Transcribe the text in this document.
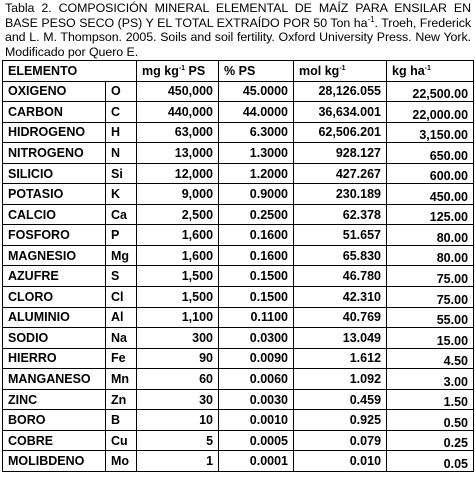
Tabla 2. COMPOSICIÓN MINERAL ELEMENTAL DE MAÍZ PARA ENSILAR EN BASE PESO SECO (PS) Y EL TOTAL EXTRAÍDO POR 50 Ton $ha^{-1}$. Troeh, Frederick and L. M. Thompson. 2005. Soils and soil fertility. Oxford University Press. New York. Modificado por Quero E.

ELEMENTO		mg $kg^{-1}$ PS	% PS	mol $kg^{-1}$	kg $ha^{-1}$
OXIGENO	O	450,000	45.0000	28,126.055	22,500.00
CARBON	C	440,000	44.0000	36,634.001	22,000.00
HIDROGENO	H	63,000	6.3000	62,506.201	3,150.00
NITROGENO	N	13,000	1.3000	928.127	650.00
SILICIO	Si	12,000	1.2000	427.267	600.00
POTASIO	K	9,000	0.9000	230.189	450.00
CALCIO	Ca	2,500	0.2500	62.378	125.00
FOSFORO	P	1,600	0.1600	51.657	80.00
MAGNESIO	Mg	1,600	0.1600	65.830	80.00
AZUFRE	S	1,500	0.1500	46.780	75.00
CLORO	Cl	1,500	0.1500	42.310	75.00
ALUMINIO	Al	1,100	0.1100	40.769	55.00
SODIO	Na	300	0.0300	13.049	15.00
HIERRO	Fe	90	0.0090	1.612	4.50
MANGANESO	Mn	60	0.0060	1.092	3.00
ZINC	Zn	30	0.0030	0.459	1.50
BORO	B	10	0.0010	0.925	0.50
COBRE	Cu	5	0.0005	0.079	0.25
MOLIBDENO	Mo	1	0.0001	0.010	0.05
